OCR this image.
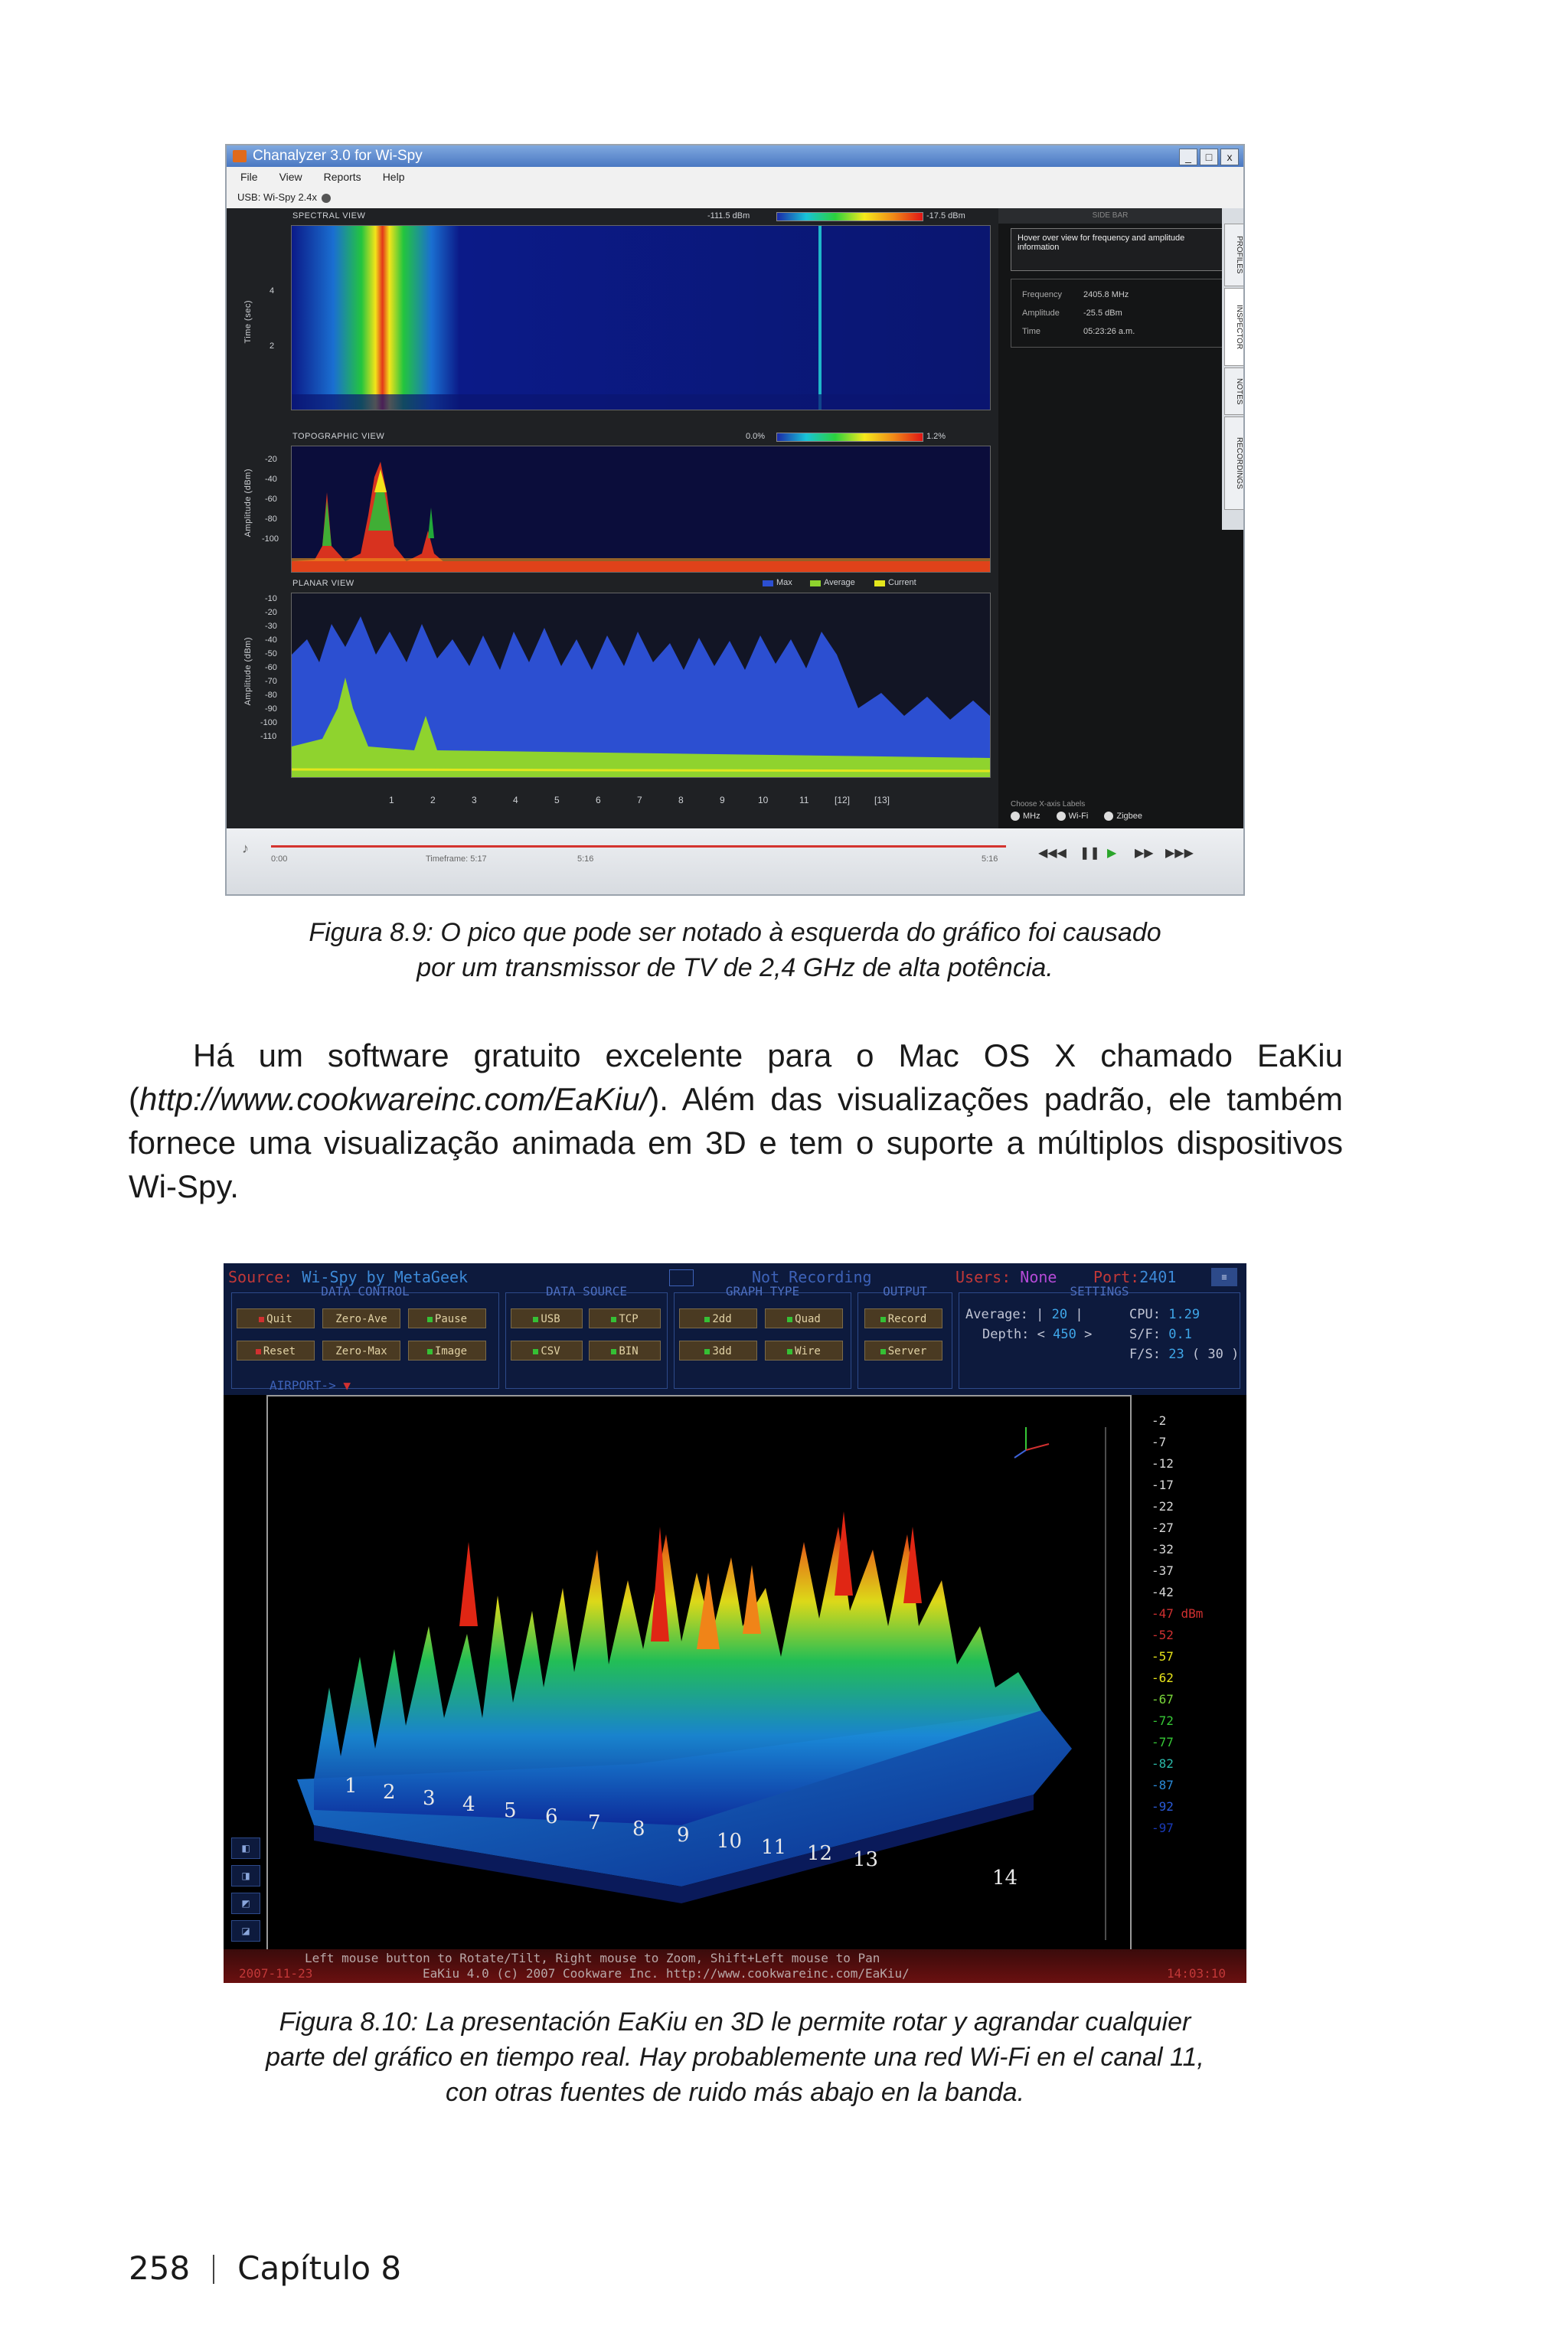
Chanalyzer 3.0 for Wi-Spy	_	□	x
File View Reports Help
USB: Wi-Spy 2.4x
SPECTRAL VIEW	-111.5 dBm	-17.5 dBm
Time (sec)
4
2
TOPOGRAPHIC VIEW	0.0%	1.2%
Amplitude (dBm)
-20
-40
-60
-80
-100
PLANAR VIEW	Max	Average	Current
Amplitude (dBm)
-10
-20
-30
-40
-50
-60
-70
-80
-90
-100
-110
1	2	3	4	5	6	7	8	9	10	11	[12]	[13]
SIDE BAR
Hover over view for frequency and amplitude information
Frequency	2405.8 MHz
Amplitude	-25.5 dBm
Time	05:23:26 a.m.
PROFILES
INSPECTOR
NOTES
RECORDINGS
Choose X-axis Labels
MHz	Wi-Fi	Zigbee
♪
0:00	Timeframe: 5:17	5:16	5:16	◀◀◀ ❚❚ ▶ ▶▶ ▶▶▶
Figura 8.9: O pico que pode ser notado à esquerda do gráfico foi causado
por um transmissor de TV de 2,4 GHz de alta potência.
Há um software gratuito excelente para o Mac OS X chamado EaKiu (http://www.cookwareinc.com/EaKiu/). Além das visualizações padrão, ele também fornece uma visualização animada em 3D e tem o suporte a múltiplos dispositivos Wi-Spy.
Source: Wi-Spy by MetaGeek	Not Recording	Users: None Port:2401	≡
DATA CONTROL
Quit	Zero-Ave	Pause
Reset	Zero-Max	Image
DATA SOURCE
USB	TCP
CSV	BIN
GRAPH TYPE
2dd	Quad
3dd	Wire
OUTPUT
Record
Server
SETTINGS
Average: | 20 |
Depth: < 450 >
CPU: 1.29
S/F: 0.1
F/S: 23 ( 30 )
AIRPORT-> ▼
-2
-7
-12
-17
-22
-27
-32
-37
-42
-47 dBm
-52
-57
-62
-67
-72
-77
-82
-87
-92
-97
1 2 3 4 5 6 7 8 9 10 11 12 13
14
◧
◨
◩
◪
Left mouse button to Rotate/Tilt, Right mouse to Zoom, Shift+Left mouse to Pan
2007-11-23	EaKiu 4.0 (c) 2007 Cookware Inc. http://www.cookwareinc.com/EaKiu/	14:03:10
Figura 8.10: La presentación EaKiu en 3D le permite rotar y agrandar cualquier
parte del gráfico en tiempo real. Hay probablemente una red Wi-Fi en el canal 11,
con otras fuentes de ruido más abajo en la banda.
258 Capítulo 8
